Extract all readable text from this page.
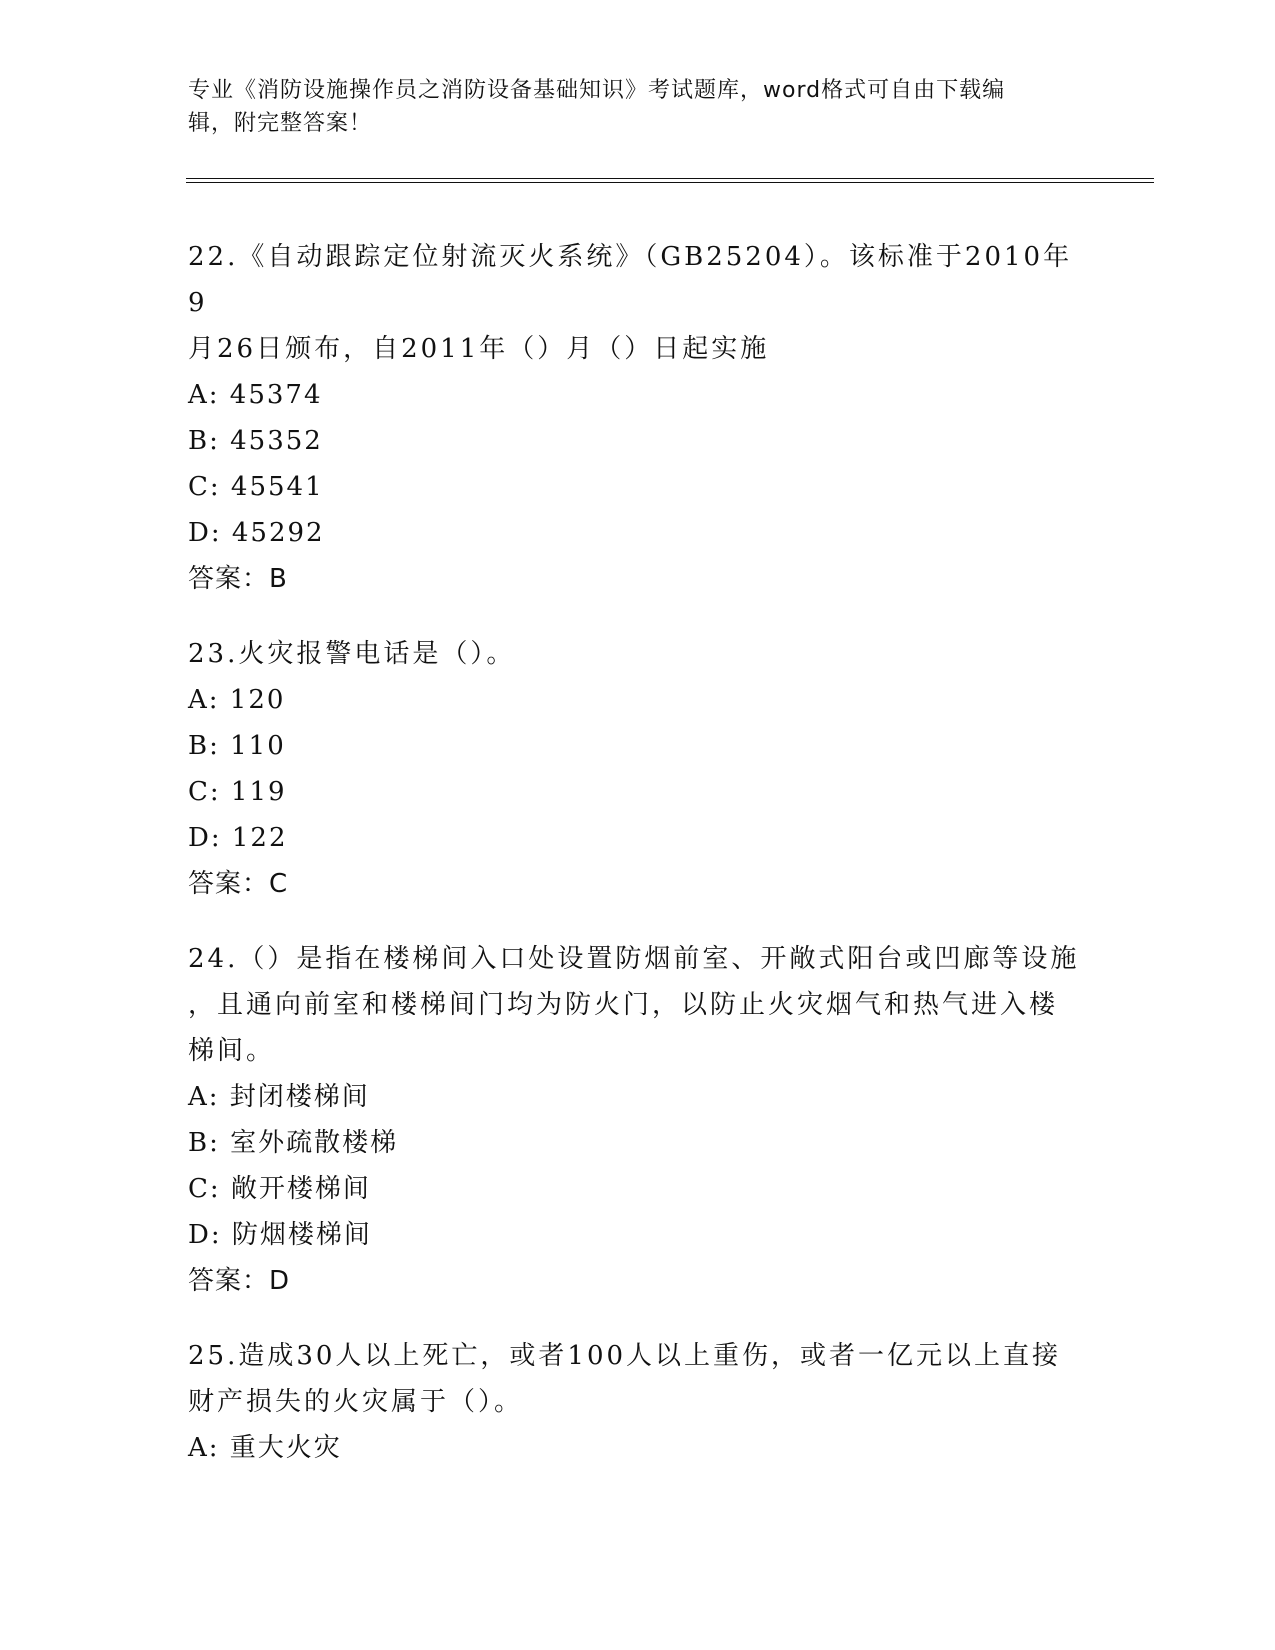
专业《消防设施操作员之消防设备基础知识》考试题库，word格式可自由下载编
辑，附完整答案！
22.《自动跟踪定位射流灭火系统》（GB25204）。该标准于2010年9
月26日颁布，自2011年（）月（）日起实施
A: 45374
B: 45352
C: 45541
D: 45292
答案：B
23.火灾报警电话是（）。
A: 120
B: 110
C: 119
D: 122
答案：C
24.（）是指在楼梯间入口处设置防烟前室、开敞式阳台或凹廊等设施
，且通向前室和楼梯间门均为防火门，以防止火灾烟气和热气进入楼
梯间。
A: 封闭楼梯间
B: 室外疏散楼梯
C: 敞开楼梯间
D: 防烟楼梯间
答案：D
25.造成30人以上死亡，或者100人以上重伤，或者一亿元以上直接
财产损失的火灾属于（）。
A: 重大火灾
